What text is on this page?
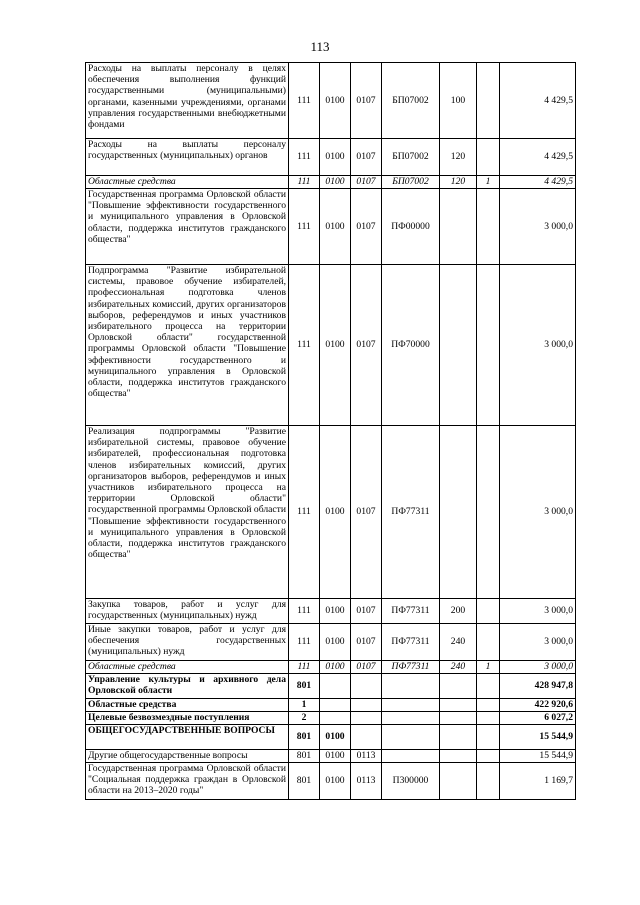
113
Расходы на выплаты персоналу в целях обеспечения выполнения функций государственными (муниципальными) органами, казенными учреждениями, органами управления государственными внебюджетными фондами	111	0100	0107	БП07002	100		4 429,5
Расходы на выплаты персоналу государственных (муниципальных) органов	111	0100	0107	БП07002	120		4 429,5
Областные средства	111	0100	0107	БП07002	120	1	4 429,5
Государственная программа Орловской области "Повышение эффективности государственного и муниципального управления в Орловской области, поддержка институтов гражданского общества"	111	0100	0107	ПФ00000			3 000,0
Подпрограмма "Развитие избирательной системы, правовое обучение избирателей, профессиональная подготовка членов избирательных комиссий, других организаторов выборов, референдумов и иных участников избирательного процесса на территории Орловской области" государственной программы Орловской области "Повышение эффективности государственного и муниципального управления в Орловской области, поддержка институтов гражданского общества"	111	0100	0107	ПФ70000			3 000,0
Реализация подпрограммы "Развитие избирательной системы, правовое обучение избирателей, профессиональная подготовка членов избирательных комиссий, других организаторов выборов, референдумов и иных участников избирательного процесса на территории Орловской области" государственной программы Орловской области "Повышение эффективности государственного и муниципального управления в Орловской области, поддержка институтов гражданского общества"	111	0100	0107	ПФ77311			3 000,0
Закупка товаров, работ и услуг для государственных (муниципальных) нужд	111	0100	0107	ПФ77311	200		3 000,0
Иные закупки товаров, работ и услуг для обеспечения государственных (муниципальных) нужд	111	0100	0107	ПФ77311	240		3 000,0
Областные средства	111	0100	0107	ПФ77311	240	1	3 000,0
Управление культуры и архивного дела Орловской области	801						428 947,8
Областные средства	1						422 920,6
Целевые безвозмездные поступления	2						6 027,2
ОБЩЕГОСУДАРСТВЕННЫЕ ВОПРОСЫ	801	0100					15 544,9
Другие общегосударственные вопросы	801	0100	0113				15 544,9
Государственная программа Орловской области "Социальная поддержка граждан в Орловской области на 2013–2020 годы"	801	0100	0113	П300000			1 169,7
